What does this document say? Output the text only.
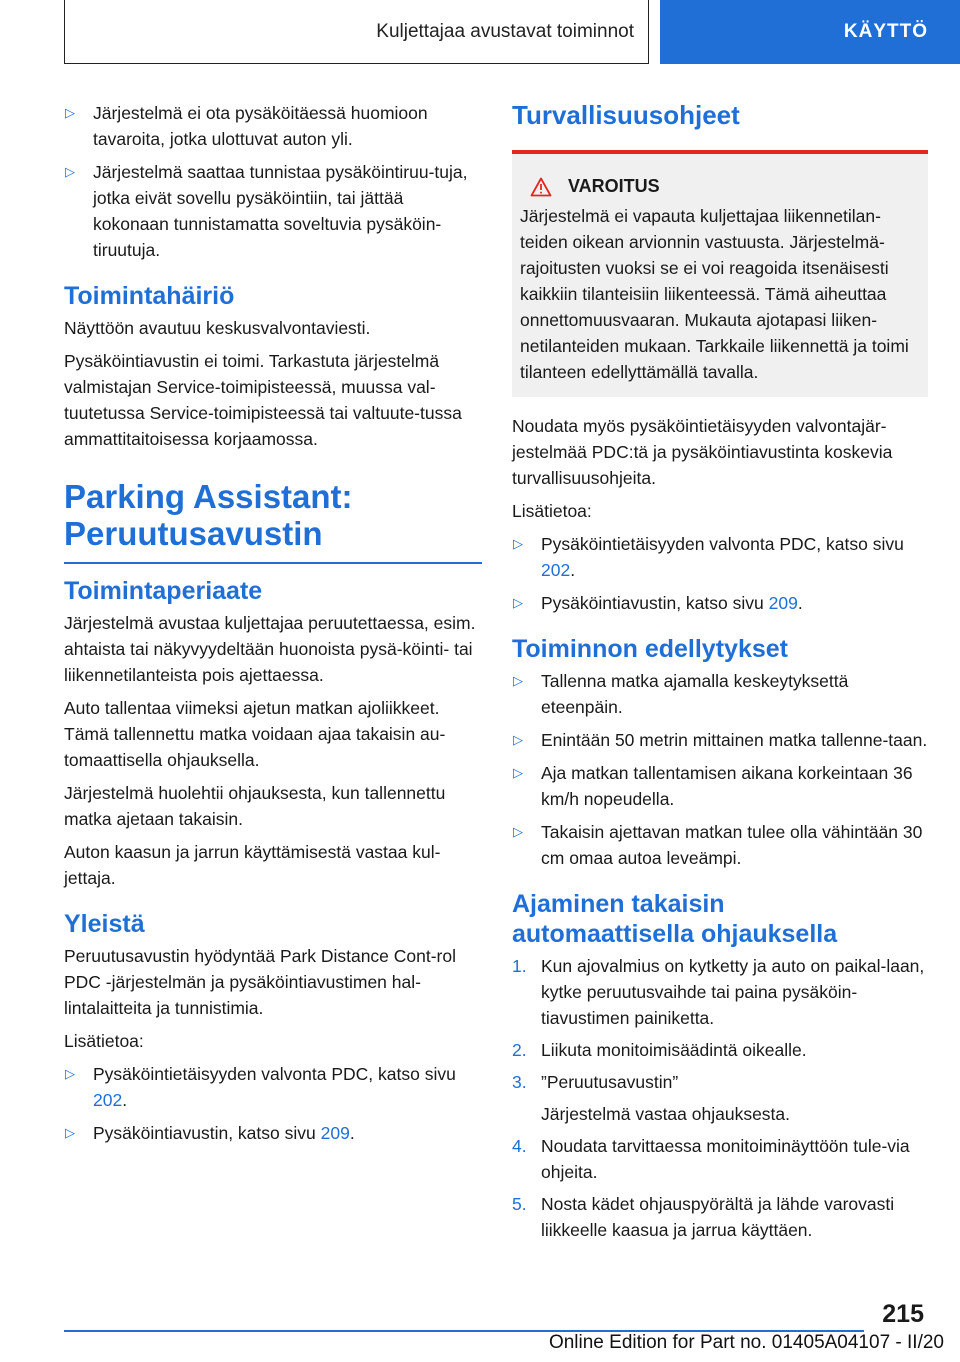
Kuljettajaa avustavat toiminnot	KÄYTTÖ
▷ Järjestelmä ei ota pysäköitäessä huomioon tavaroita, jotka ulottuvat auton yli.
▷ Järjestelmä saattaa tunnistaa pysäköintiruu-tuja, jotka eivät sovellu pysäköintiin, tai jättää kokonaan tunnistamatta soveltuvia pysäköin-tiruutuja.
Toimintahäiriö

Näyttöön avautuu keskusvalvontaviesti.

Pysäköintiavustin ei toimi. Tarkastuta järjestelmä valmistajan Service-toimipisteessä, muussa val-tuutetussa Service-toimipisteessä tai valtuute-tussa ammattitaitoisessa korjaamossa.

Parking Assistant:
Peruutusavustin
Toimintaperiaate

Järjestelmä avustaa kuljettajaa peruutettaessa, esim. ahtaista tai näkyvyydeltään huonoista pysä-köinti- tai liikennetilanteista pois ajettaessa.

Auto tallentaa viimeksi ajetun matkan ajoliikkeet. Tämä tallennettu matka voidaan ajaa takaisin au-tomaattisella ohjauksella.

Järjestelmä huolehtii ohjauksesta, kun tallennettu matka ajetaan takaisin.

Auton kaasun ja jarrun käyttämisestä vastaa kul-jettaja.

Yleistä

Peruutusavustin hyödyntää Park Distance Cont-rol PDC -järjestelmän ja pysäköintiavustimen hal-lintalaitteita ja tunnistimia.

Lisätietoa:

▷ Pysäköintietäisyyden valvonta PDC, katso sivu 202.
▷ Pysäköintiavustin, katso sivu 209.
Turvallisuusohjeet
VAROITUS

Järjestelmä ei vapauta kuljettajaa liikennetilan-teiden oikean arvionnin vastuusta. Järjestelmä-rajoitusten vuoksi se ei voi reagoida itsenäisesti kaikkiin tilanteisiin liikenteessä. Tämä aiheuttaa onnettomuusvaaran. Mukauta ajotapasi liiken-netilanteiden mukaan. Tarkkaile liikennettä ja toimi tilanteen edellyttämällä tavalla.

Noudata myös pysäköintietäisyyden valvontajär-jestelmää PDC:tä ja pysäköintiavustinta koskevia turvallisuusohjeita.

Lisätietoa:

▷ Pysäköintietäisyyden valvonta PDC, katso sivu 202.
▷ Pysäköintiavustin, katso sivu 209.
Toiminnon edellytykset
▷ Tallenna matka ajamalla keskeytyksettä eteenpäin.
▷ Enintään 50 metrin mittainen matka tallenne-taan.
▷ Aja matkan tallentamisen aikana korkeintaan 36 km/h nopeudella.
▷ Takaisin ajettavan matkan tulee olla vähintään 30 cm omaa autoa leveämpi.
Ajaminen takaisin
automaattisella ohjauksella
1. Kun ajovalmius on kytketty ja auto on paikal-laan, kytke peruutusvaihde tai paina pysäköin-tiavustimen painiketta.
2. Liikuta monitoimisäädintä oikealle.
3. ”Peruutusavustin”
Järjestelmä vastaa ohjauksesta.
4. Noudata tarvittaessa monitoiminäyttöön tule-via ohjeita.
5. Nosta kädet ohjauspyörältä ja lähde varovasti liikkeelle kaasua ja jarrua käyttäen.
215
Online Edition for Part no. 01405A04107 - II/20
